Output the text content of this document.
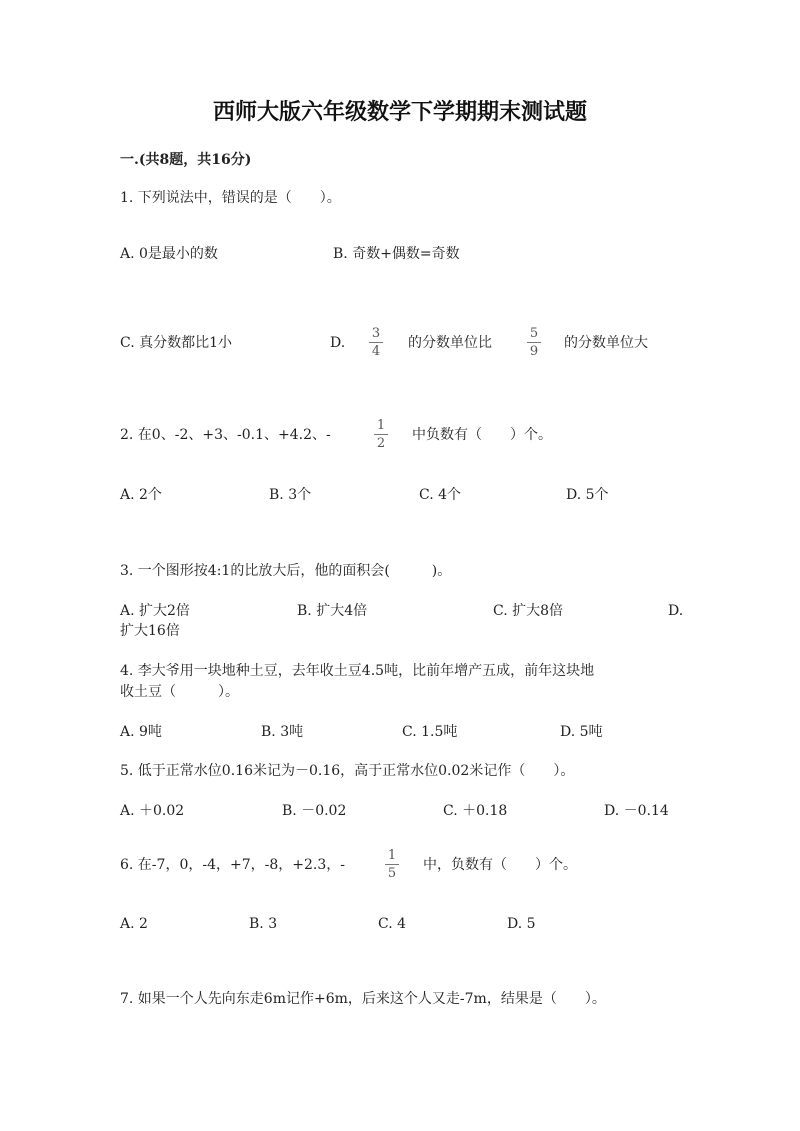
西师大版六年级数学下学期期末测试题
一.(共8题，共16分)
1. 下列说法中，错误的是（　　）。
A. 0是最小的数	B. 奇数+偶数=奇数
C. 真分数都比1小	D.
3
4
的分数单位比
5
9
的分数单位大
2. 在0、-2、+3、-0.1、+4.2、-
1
2
中负数有（　　）个。
A. 2个	B. 3个	C. 4个	D. 5个
3. 一个图形按4:1的比放大后，他的面积会(　　　)。
A. 扩大2倍	B. 扩大4倍	C. 扩大8倍	D.
扩大16倍
4. 李大爷用一块地种土豆，去年收土豆4.5吨，比前年增产五成，前年这块地
收土豆（　　　）。
A. 9吨	B. 3吨	C. 1.5吨	D. 5吨
5. 低于正常水位0.16米记为－0.16，高于正常水位0.02米记作（　　）。
A. ＋0.02	B. －0.02	C. ＋0.18	D. －0.14
6. 在-7，0，-4，+7，-8，+2.3，-
1
5
中，负数有（　　）个。
A. 2	B. 3	C. 4	D. 5
7. 如果一个人先向东走6m记作+6m，后来这个人又走-7m，结果是（　　）。
